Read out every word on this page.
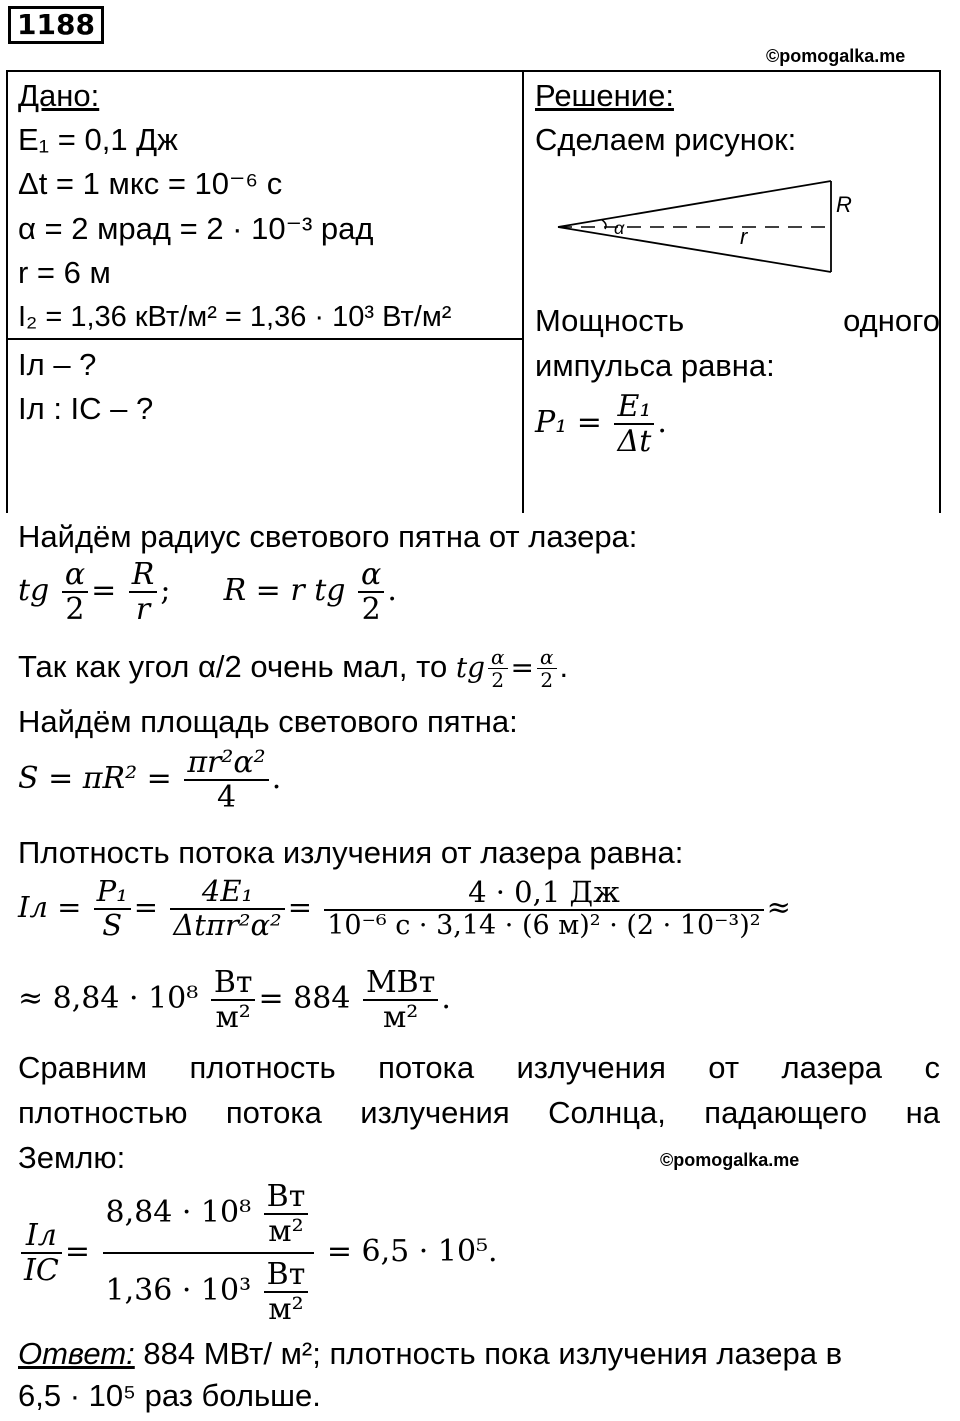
1188
©pomogalka.me
Дано:
E₁ = 0,1 Дж
Δt = 1 мкс = 10⁻⁶ с
α = 2 мрад = 2 · 10⁻³ рад
r = 6 м
I₂ = 1,36 кВт/м² = 1,36 · 10³ Вт/м²
Iл – ?
Iл : IС – ?
Решение:
Сделаем рисунок:
α	r
R
Мощность	одного
импульса равна:
$P_1 = \frac{\text{E₁}}{\Delta t}$ .
Найдём радиус светового пятна от лазера:
tg $\frac{\alpha}{2} = \frac{R}{r}$ ; R = r tg $\frac{\alpha}{2}$ .
Так как угол α/2 очень мал, то tg $\frac{\alpha}{2} = \frac{\alpha}{2}$ .
Найдём площадь светового пятна:
$S = \pi R^2 = \frac{\text{πr²α²}}{4}$ .
Плотность потока излучения от лазера равна:
Iл = $\frac{\text{P₁}}{S} = \frac{\text{4E₁}}{\text{Δtπr²α²}} = \frac{4 \cdot 0,1 Дж}{\text{10⁻⁶ с · 3,14 · (6 м)² · (2 · 10⁻³)²}}$ ≈
≈ $8,84 \cdot 10^8 \frac{Вт}{\text{м²}} = 884 \frac{\text{МВт}}{\text{м²}}$ .
Сравним плотность потока излучения от лазера с
плотностью потока излучения Солнца, падающего на
Землю:	©pomogalka.me
$\frac{Iл}{IС} = \frac{8,84 \cdot 10^8 \frac{Вт}{\text{м²}}}{1,36 \cdot 10^3 \frac{Вт}{\text{м²}}} = 6,5 \cdot 10^5$.
Ответ: 884 МВт/ м²; плотность пока излучения лазера в
6,5 · 10⁵ раз больше.
